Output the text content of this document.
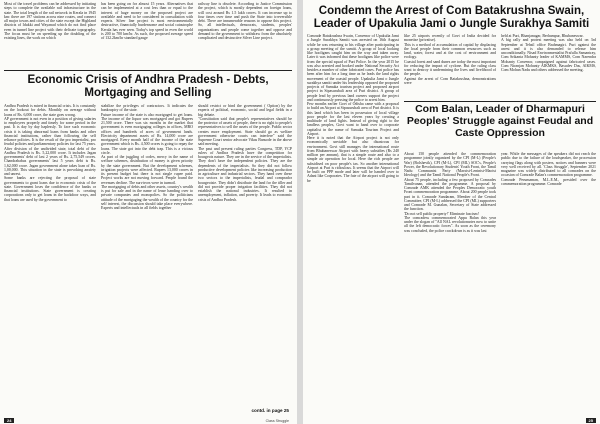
Most of the travel problems can be addressed by initiating steps to complete the available rail infrastructure in the state. The total length of the rail network in Kerala in 1945 km: there are 197 stations across nine routes, and connect all major towns and cities of the state except the Highland districts of Idukki and Wayanad which do not find place even in tunnel line project with their delicate topography. The focus must be on speeding up the doubling of the existing lines, the work on which

has been going on for almost 15 years. Alternatives that can be implemented at a cost less than or equal to the interest of huge money on the proposed project are available and need to be considered in consultation with experts. Silver line project is most environmentally destructive, financially burdensome and social catastrophe Kerala has ever seen. Today's top speed in even the world is 200 to 700 km/hr. As such, the proposed average speed of 132.2km/hr standard gauge

railway line is obsolete. According to Justice Commission the project, which is mostly dependent on foreign loans, will cost around Rs 1.5 lakh crores. It can increase up to four times over time and push the State into irreversible debt. There are innumerable reasons to oppose this project. So, all intellectuals, democrats, students, peoples' organizations and people come together and oppose and demand to the government to withdraw from the absolutely complicated and destructive Silver Line project.

Economic Crisis of Andhra Pradesh - Debts, Mortgaging and Selling

Andhra Pradesh is mired in financial crisis. It is constantly on the lookout for debts. Monthly on average without loans of Rs. 6,000 crore, the state goes wrong.
AP government is not even in a position of giving salaries to employees properly and timely for some period in the past. It is day by day haplessly. To face such economic crisis it is taking abnormal loans from banks and other financial institutions, rather than following the self reliance policies. It is the result of the pro imperialist, pro feudal policies and parliamentary policies for last 75 years.
After division of the undivided state, total debt of the Andhra Pradesh is Rs. 5,22,000 crore. It includes Jagan governments' debt of last 2 years of Rs. 2,75,549 crores. Chandrababus governments' last 5 years debt is Rs. 1,62,000 crore. Jagan government alone takes loan of Rs. 1,00,000. This situation in the state is provoking anxiety and unrest.
Some banks are rejecting the proposal of state governments to grant loans due to economic crisis of the state. Government loses the confidence of the banks or financial institutions. State government is creating corporations only to get loans in the backdoor ways, and that loans are used by the government to

stabilize the privileges of contractors. It indicates the bankruptcy of the state.
Future income of the state is also mortgaged to get loans. The income of the liquor was mortgaged and got Rupees 21,500 crore. There was six months in the market that government is even mortgaging colleges in offices, MRO offices and hundreds of acres of government lands. Electricity department assets of Rs. 14,000 crore are mortgaged. Every month half of the income of the state government which is Rs. 4,500 crores is going to repay the loans. The state got into the debt trap. This is a vicious circle.
As part of the juggling of codes, mercy in the name of welfare schemes, distribution of money is given priority by the state government. But the development schemes, irrigation projects were affected. Rupees 13,000 crores in its present budget but there is not single rupee paid. Project works are not moving forward. People found the revenues decline. The survivors were in turmoil.
The mortgaging of debts and other assets, country's wealth is put for sale and in the name of lease handing over to private companies and monopolies. So the politicians attitude of the mortgaging the wealth of the country for the self interest, the discussion should take place everywhere. Experts and intellectuals in all fields together

should restrict or bind the government ( Option) by the experts of political, economic, social and legal fields in a big debate.
"Constitution said that people's representatives should be the protector of assets of people, there is no right to people's representatives to sell the assets of the people. Public sector creates more employment. State should go as welfare government otherwise courts can interfere" said the Supreme Court senior advocate Vikas Bansode in the above said meeting.
The past and present ruling parties Congress, TDP, YCP rulers of Andhra Pradesh have the competition for bourgeois nature. They are in the service of the imperialists. They don't have the independent policies. They are the dependents of the imperialists. So they did not follow productive development policies like increasing production in agriculture and industrial sectors. They hand over these two sectors to the imperialists, feudal and comprador bourgeoisie. They didn't distribute the land for the tiller and did not provide proper irrigation facilities. They did not establish the national industries. It resulted in unemployment, inflation, and poverty. It leads to economic crisis of Andhra Pradesh.

contd. in page 25
24	Class Struggle
Condemn the Arrest of Com Batakrushna Swain, Leader of Upakulia Jami o Jungle Surakhya Samiti

Comrade Batakrushna Swain, Convenor of Upakulia Jami o Jungle Surakhya Samiti was arrested on 16th August while he was returning to his village after participating in a group meeting of the samiti. A group of local looking like hooligans caught him on the way and taken away. Later it was informed that these hooligans like police were from the special squad of Puri Police. In the year 2015 he was also arrested and booked under National Security Act besides a number of other fabricated cases. Puri police has been after him for a long time as he leads the land rights movement of the coastal people. Upakulia Jami o Jungle surakhya samiti under his leadership opposed the proposed projects of Samuka tourism project and proposed airport project in Sipasurubali area of Puri district. A group of people lead by previous land owners support the project and continuously pressing the police to arrest him.
Few months earlier Govt of Odisha came with a proposal to build an Airport at Sipasurubali area of Puri district. It is this land which has been in possession of local village poor people for the last eleven years by creating a multitude of land fights. Instead of giving right to the landless peoples, Govt want to hand over to corporate capitalist in the name of Samuka Tourism Project and Airport.
Here it is noted that the Airport project is not only economically unviable but also disastrous for environment. Govt still manages the international route from Bhubaneswar Airport with heavy subsidies (Rs 240 million per annum), that is a simple route and also to a simple air operation for local. Here the rich people are subsidised on poor people's tax. So another international Airport at Puri is ridiculous. It seems that the Airport will be built on PPP mode and later will be handed over to Adani like Corporates. The fate of the airport will going to be

like 25 airports recently of Govt of India decided for monetise (privatise).
This is a method of accumulation of capital by displacing the local people from their common resources such as land, water, forest and at the cost of environment and ecology.
Coastal forest and sand dunes are today the most important for reducing the impact of cyclone. But the ruling class want to destroy it undermining the lives and livelihood of the people.
Against the arrest of Com Batakrushna, demonstrations were

held at Puri, Bhanjanagar, Berhampur, Bhubaneswar.
A big rally and protest meeting was also held on 3rd September at Tehsil office Brahmagiri. Puri against the arrest and it is also demanded to release him unconditionally. Nisad Environmentalist Prafulla Samantray, Com Srikanta Mohanty leader of KAMMS, Com Narendra Mohanty Convenor, campaigned against fabricated cases. Com Niranjan Mohanty AIKMKS, Basudev Das, AIKMS, Com Mohan Nadu and others addressed the meeting.

Com Balan, Leader of Dharmapuri Peoples' Struggle against Feudal and Caste Oppression

About 150 people attended the commemoration programme jointly organized by the CPI (M-L) (People's War) (Bolshevik), CPI (M-L), CPI (ML) SOC's, People's Power, the Revolutionary Students' Youth Front, the Tamil Nadu Communist Party (Marxist-Leninist-Maoist Ideology) and the Tamil National People's Front.
About 75 people, including a few proposed by Comrades Tamilvanan, attended the programme. A proposal by Comrade AMK attended the Peoples Democratic youth Front commemoration programme. About 200 people took part in it. Comrade Sundaram, Member of the Central Committee, CPI (M-L) addressed the CPI (ML) supporters and Comrade M. Gunalan, Secretary of State addressed the function.
'Do not sell public property!' Eliminate fascism!
The comradess commemorated Appu Balan this year under the slogan of "All NAL revolutionaries now to unite all the left democratic forces". As soon as the ceremony was concluded, the police crackdown is as it was last

year. While the messages of the speakers did not reach the public due to the failure of the loudspeaker, the procession carrying flags along with posters, notices and banners were very well received by all. 'Class Struggle', September 2021 magazine was widely distributed to all comrades on the occasion of Comrade Balan's commemoration programme.
Comrade Perumaman, M.L.E.M., presided over the commemoration programme. Comrade

25
